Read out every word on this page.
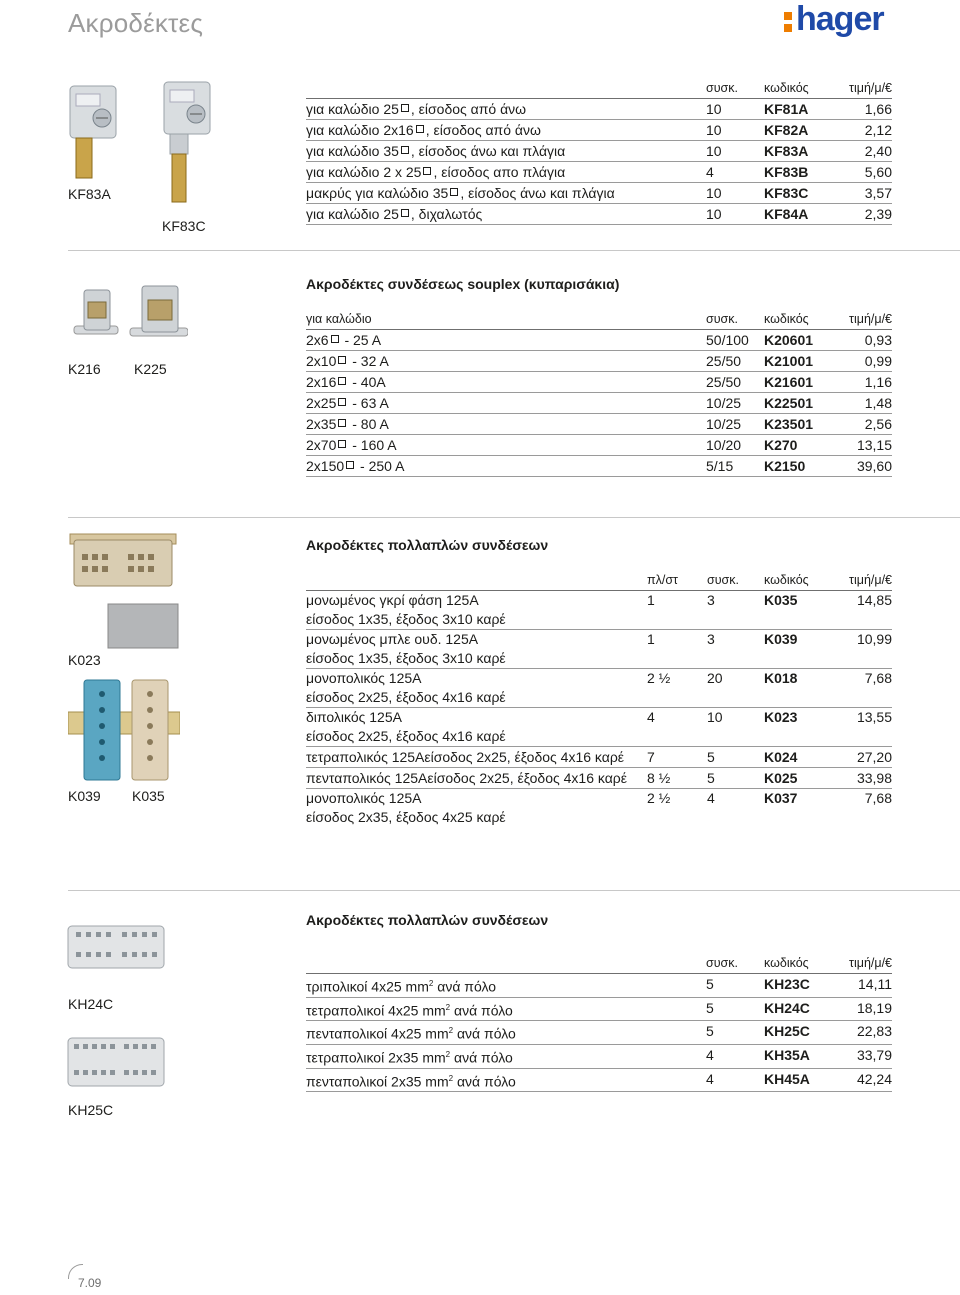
Ακροδέκτες	hager
KF83A
KF83C
	συσκ.	κωδικός	τιμή/μ/€
για καλώδιο 25 , είσοδος από άνω	10	KF81A	1,66
για καλώδιο 2x16 , είσοδος από άνω	10	KF82A	2,12
για καλώδιο 35 , είσοδος άνω και πλάγια	10	KF83A	2,40
για καλώδιο 2 x 25 , είσοδος απο πλάγια	4	KF83B	5,60
μακρύς για καλώδιο 35 , είσοδος άνω και πλάγια	10	KF83C	3,57
για καλώδιο 25 , διχαλωτός	10	KF84A	2,39
Ακροδέκτες συνδέσεως souplex (κυπαρισάκια)
K216 K225
για καλώδιο	συσκ.	κωδικός	τιμή/μ/€
2x6 - 25 A	50/100	K20601	0,93
2x10 - 32 A	25/50	K21001	0,99
2x16 - 40A	25/50	K21601	1,16
2x25 - 63 A	10/25	K22501	1,48
2x35 - 80 A	10/25	K23501	2,56
2x70 - 160 A	10/20	K270	13,15
2x150 - 250 A	5/15	K2150	39,60
Ακροδέκτες πολλαπλών συνδέσεων
K023
K039 K035
	πλ/στ	συσκ.	κωδικός	τιμή/μ/€

μονωμένος γκρί φάση 125A
είσοδος 1x35, έξοδος 3x10 καρέ	1	3	K035	14,85

μονωμένος μπλε ουδ. 125A
είσοδος 1x35, έξοδος 3x10 καρέ	1	3	K039	10,99

μονοπολικός 125A
είσοδος 2x25, έξοδος 4x16 καρέ	2 ½	20	K018	7,68

διπολικός 125A
είσοδος 2x25, έξοδος 4x16 καρέ	4	10	K023	13,55
τετραπολικός 125Aείσοδος 2x25, έξοδος 4x16 καρέ	7	5	K024	27,20
πενταπολικός 125Aείσοδος 2x25, έξοδος 4x16 καρέ	8 ½	5	K025	33,98

μονοπολικός 125A
είσοδος 2x35, έξοδος 4x25 καρέ	2 ½	4	K037	7,68
Ακροδέκτες πολλαπλών συνδέσεων
KH24C
KH25C
	συσκ.	κωδικός	τιμή/μ/€
τριπολικοί 4x25 $mm^2$ ανά πόλο	5	KH23C	14,11
τετραπολικοί 4x25 $mm^2$ ανά πόλο	5	KH24C	18,19
πενταπολικοί 4x25 $mm^2$ ανά πόλο	5	KH25C	22,83
τετραπολικοί 2x35 $mm^2$ ανά πόλο	4	KH35A	33,79
πενταπολικοί 2x35 $mm^2$ ανά πόλο	4	KH45A	42,24
7.09
